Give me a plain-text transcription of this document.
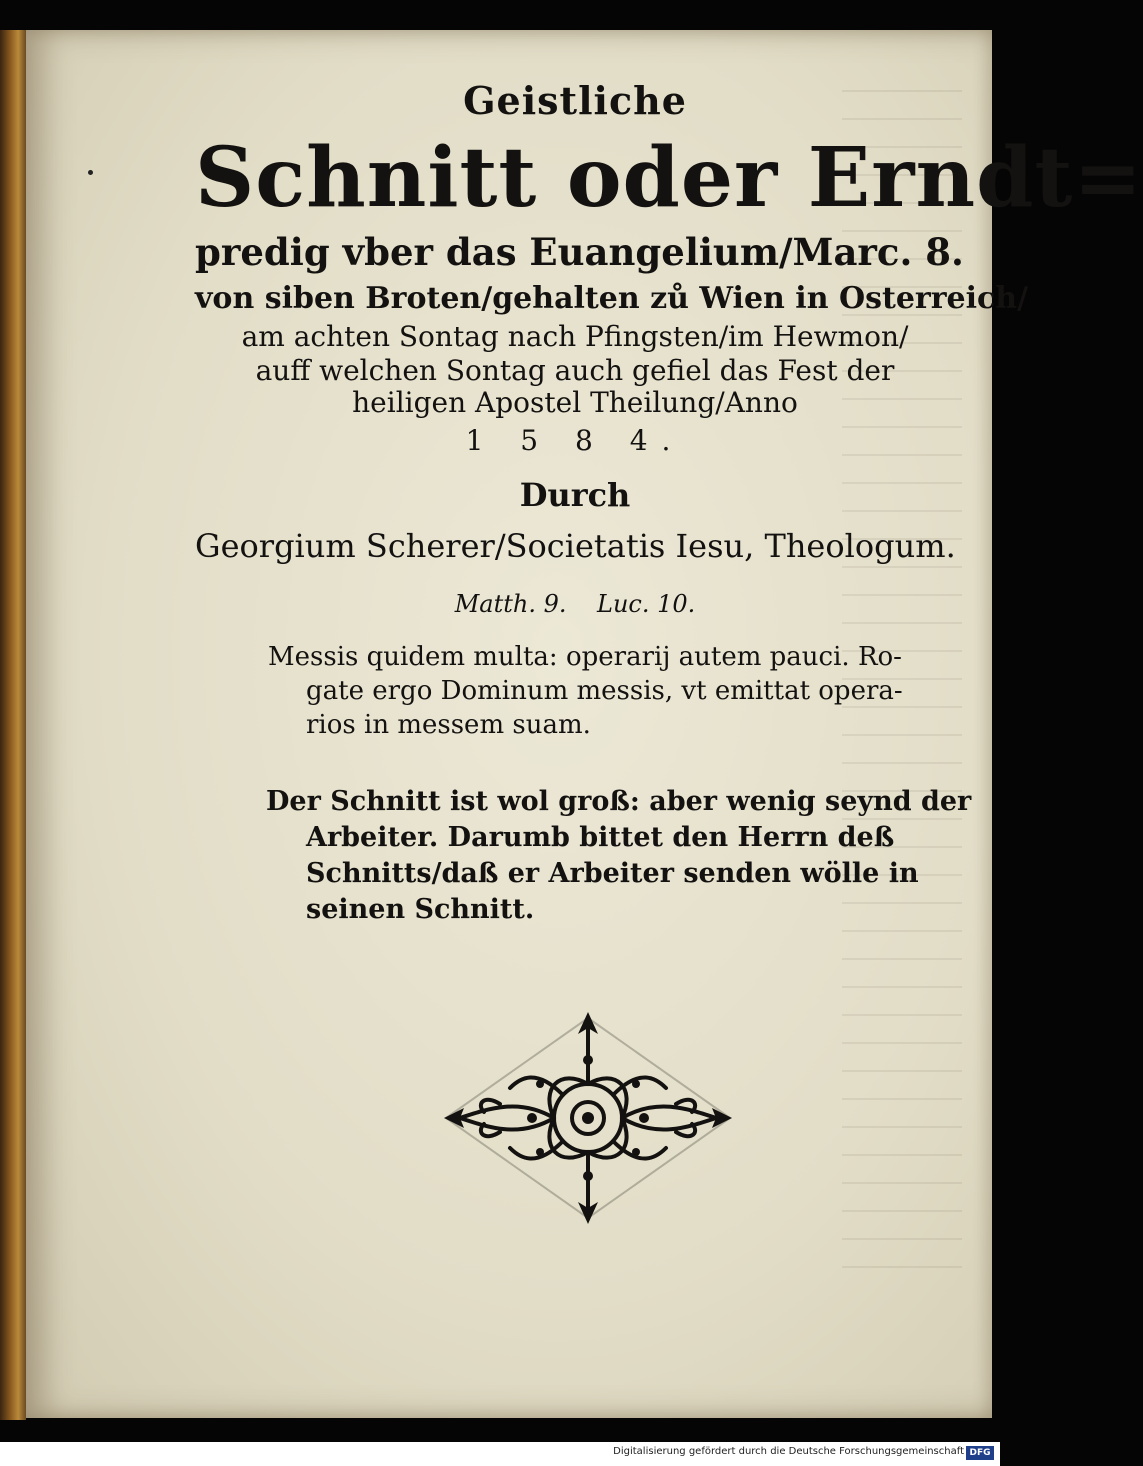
Geistliche
Schnitt oder Erndt=
predig vber das Euangelium/Marc. 8.
von siben Broten/gehalten zů Wien in Osterreich/
am achten Sontag nach Pfingsten/im Hewmon/
auff welchen Sontag auch gefiel das Fest der
heiligen Apostel Theilung/Anno
1 5 8 4.
Durch
Georgium Scherer/Societatis Iesu, Theologum.
Matth. 9.    Luc. 10.
Messis quidem multa: operarij autem pauci. Ro-
gate ergo Dominum messis, vt emittat opera-
rios in messem suam.
Der Schnitt ist wol groß: aber wenig seynd der
Arbeiter. Darumb bittet den Herrn deß
Schnitts/daß er Arbeiter senden wölle in
seinen Schnitt.
Digitalisierung gefördert durch die Deutsche Forschungsgemeinschaft DFG
